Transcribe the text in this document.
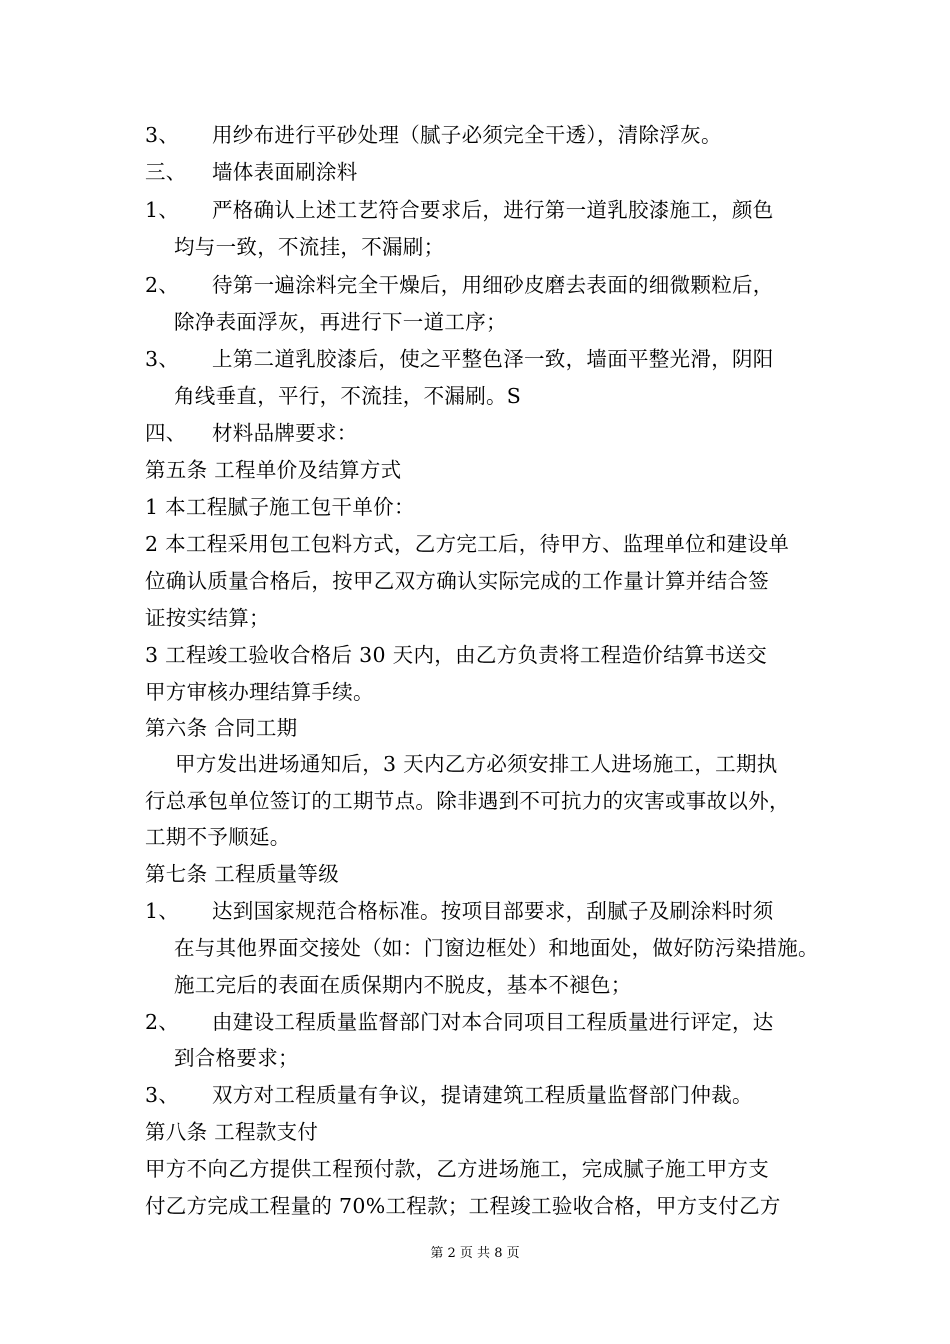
3、 用纱布进行平砂处理（腻子必须完全干透），清除浮灰。
三、 墙体表面刷涂料
1、 严格确认上述工艺符合要求后，进行第一道乳胶漆施工，颜色
均与一致，不流挂，不漏刷；
2、 待第一遍涂料完全干燥后，用细砂皮磨去表面的细微颗粒后，
除净表面浮灰，再进行下一道工序；
3、 上第二道乳胶漆后，使之平整色泽一致，墙面平整光滑，阴阳
角线垂直，平行，不流挂，不漏刷。S
四、 材料品牌要求：
第五条 工程单价及结算方式
1 本工程腻子施工包干单价：
2 本工程采用包工包料方式，乙方完工后，待甲方、监理单位和建设单
位确认质量合格后，按甲乙双方确认实际完成的工作量计算并结合签
证按实结算；
3 工程竣工验收合格后 30 天内，由乙方负责将工程造价结算书送交
甲方审核办理结算手续。
第六条 合同工期
甲方发出进场通知后，3 天内乙方必须安排工人进场施工，工期执
行总承包单位签订的工期节点。除非遇到不可抗力的灾害或事故以外，
工期不予顺延。
第七条 工程质量等级
1、 达到国家规范合格标准。按项目部要求，刮腻子及刷涂料时须
在与其他界面交接处（如：门窗边框处）和地面处，做好防污染措施。
施工完后的表面在质保期内不脱皮，基本不褪色；
2、 由建设工程质量监督部门对本合同项目工程质量进行评定，达
到合格要求；
3、 双方对工程质量有争议，提请建筑工程质量监督部门仲裁。
第八条 工程款支付
甲方不向乙方提供工程预付款，乙方进场施工，完成腻子施工甲方支
付乙方完成工程量的 70%工程款；工程竣工验收合格，甲方支付乙方
第 2 页 共 8 页
